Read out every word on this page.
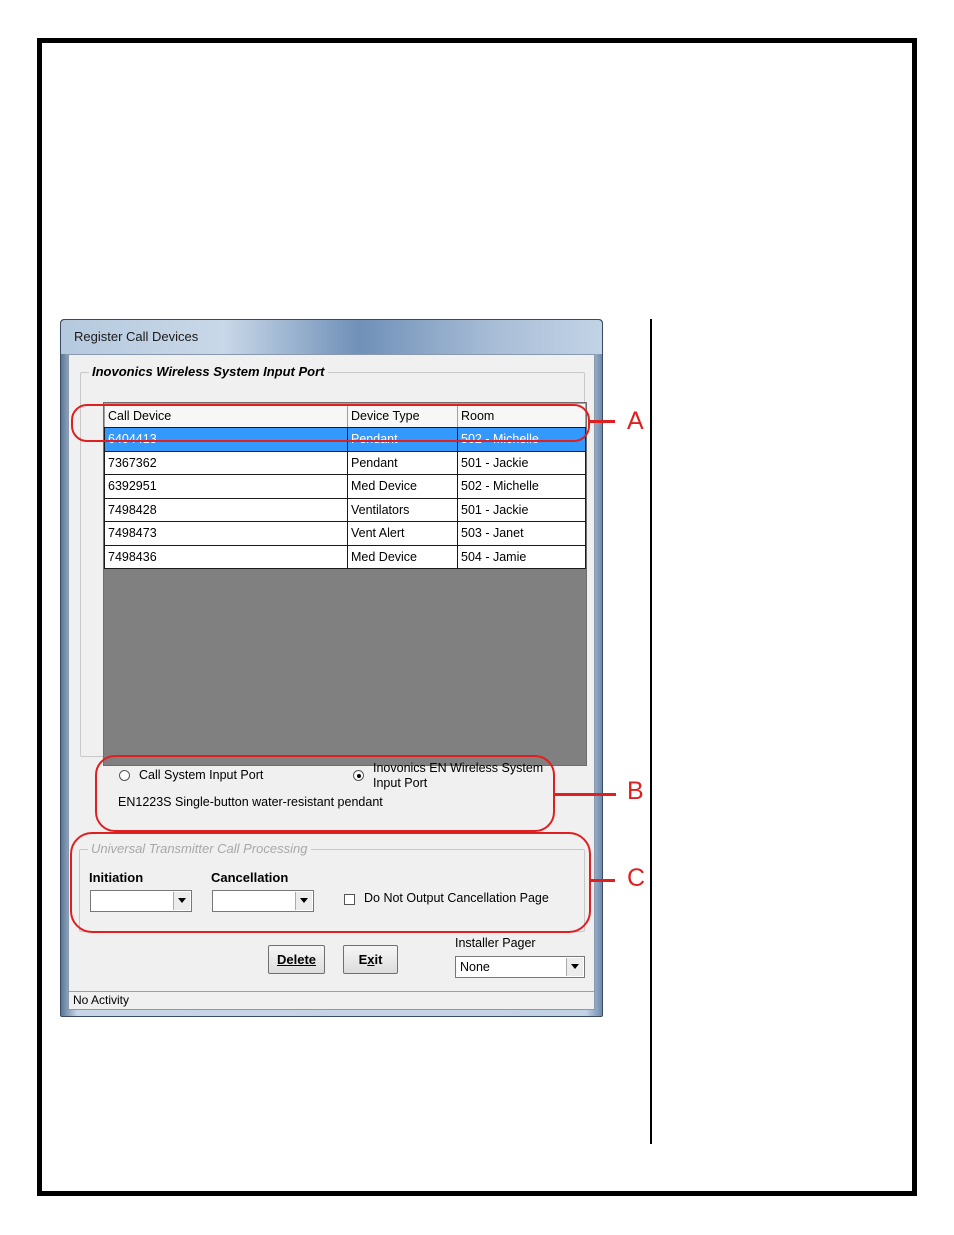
Register Call Devices
Inovonics Wireless System Input Port
Call Device	Device Type	Room
6404413	Pendant	502 - Michelle
7367362	Pendant	501 - Jackie
6392951	Med Device	502 - Michelle
7498428	Ventilators	501 - Jackie
7498473	Vent Alert	503 - Janet
7498436	Med Device	504 - Jamie
Call System Input Port	Inovonics EN Wireless System
Input Port
EN1223S Single-button water-resistant pendant
Universal Transmitter Call Processing
Initiation	Cancellation
Do Not Output Cancellation Page
Delete	Exit
Installer Pager
None
No Activity
A
B
C
